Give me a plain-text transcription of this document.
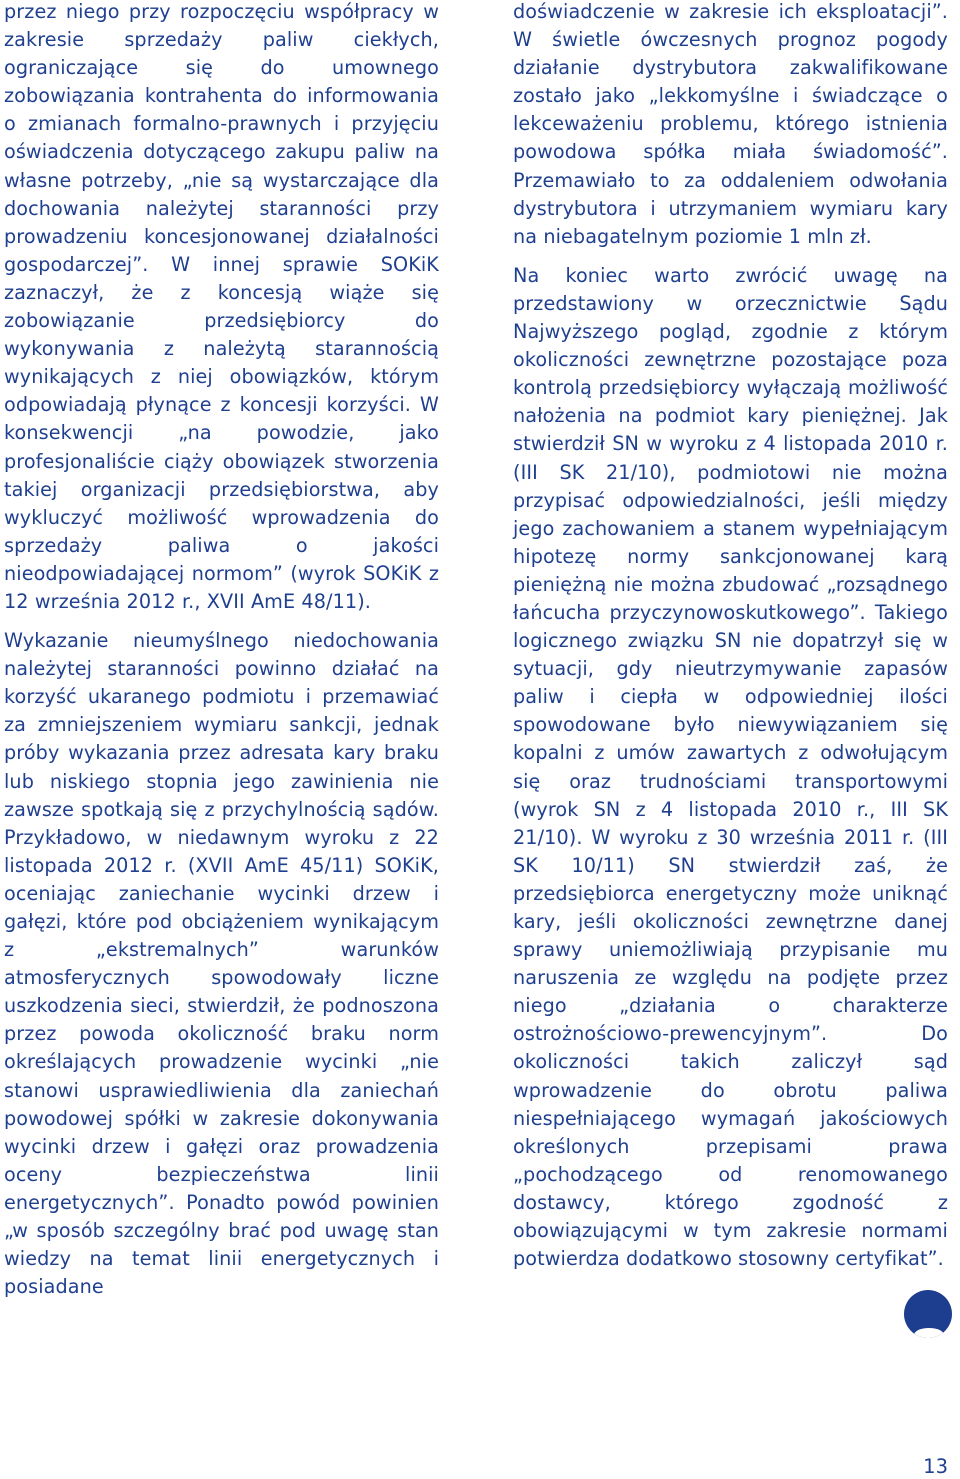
przez niego przy rozpoczęciu współpracy w zakresie sprzedaży paliw ciekłych, ograniczające się do umownego zobowiązania kontrahenta do informowania o zmianach formalno-prawnych i przyjęciu oświadczenia dotyczącego zakupu paliw na własne potrzeby, „nie są wystarczające dla dochowania należytej staranności przy prowadzeniu koncesjonowanej działalności gospodarczej”. W innej sprawie SOKiK zaznaczył, że z koncesją wiąże się zobowiązanie przedsiębiorcy do wykonywania z należytą starannością wynikających z niej obowiązków, którym odpowiadają płynące z koncesji korzyści. W konsekwencji „na powodzie, jako profesjonaliście ciąży obowiązek stworzenia takiej organizacji przedsiębiorstwa, aby wykluczyć możliwość wprowadzenia do sprzedaży paliwa o jakości nieodpowiadającej normom” (wyrok SOKiK z 12 września 2012 r., XVII AmE 48/11).

Wykazanie nieumyślnego niedochowania należytej staranności powinno działać na korzyść ukaranego podmiotu i przemawiać za zmniejszeniem wymiaru sankcji, jednak próby wykazania przez adresata kary braku lub niskiego stopnia jego zawinienia nie zawsze spotkają się z przychylnością sądów. Przykładowo, w niedawnym wyroku z 22 listopada 2012 r. (XVII AmE 45/11) SOKiK, oceniając zaniechanie wycinki drzew i gałęzi, które pod obciążeniem wynikającym z „ekstremalnych” warunków atmosferycznych spowodowały liczne uszkodzenia sieci, stwierdził, że podnoszona przez powoda okoliczność braku norm określających prowadzenie wycinki „nie stanowi usprawiedliwienia dla zaniechań powodowej spółki w zakresie dokonywania wycinki drzew i gałęzi oraz prowadzenia oceny bezpieczeństwa linii energetycznych”. Ponadto powód powinien „w sposób szczególny brać pod uwagę stan wiedzy na temat linii energetycznych i posiadane

doświadczenie w zakresie ich eksploatacji”. W świetle ówczesnych prognoz pogody działanie dystrybutora zakwalifikowane zostało jako „lekkomyślne i świadczące o lekceważeniu problemu, którego istnienia powodowa spółka miała świadomość”. Przemawiało to za oddaleniem odwołania dystrybutora i utrzymaniem wymiaru kary na niebagatelnym poziomie 1 mln zł.

Na koniec warto zwrócić uwagę na przedstawiony w orzecznictwie Sądu Najwyższego pogląd, zgodnie z którym okoliczności zewnętrzne pozostające poza kontrolą przedsiębiorcy wyłączają możliwość nałożenia na podmiot kary pieniężnej. Jak stwierdził SN w wyroku z 4 listopada 2010 r. (III SK 21/10), podmiotowi nie można przypisać odpowiedzialności, jeśli między jego zachowaniem a stanem wypełniającym hipotezę normy sankcjonowanej karą pieniężną nie można zbudować „rozsądnego łańcucha przyczynowoskutkowego”. Takiego logicznego związku SN nie dopatrzył się w sytuacji, gdy nieutrzymywanie zapasów paliw i ciepła w odpowiedniej ilości spowodowane było niewywiązaniem się kopalni z umów zawartych z odwołującym się oraz trudnościami transportowymi (wyrok SN z 4 listopada 2010 r., III SK 21/10). W wyroku z 30 września 2011 r. (III SK 10/11) SN stwierdził zaś, że przedsiębiorca energetyczny może uniknąć kary, jeśli okoliczności zewnętrzne danej sprawy uniemożliwiają przypisanie mu naruszenia ze względu na podjęte przez niego „działania o charakterze ostrożnościowo-prewencyjnym”. Do okoliczności takich zaliczył sąd wprowadzenie do obrotu paliwa niespełniającego wymagań jakościowych określonych przepisami prawa „pochodzącego od renomowanego dostawcy, którego zgodność z obowiązującymi w tym zakresie normami potwierdza dodatkowo stosowny certyfikat”.

13
